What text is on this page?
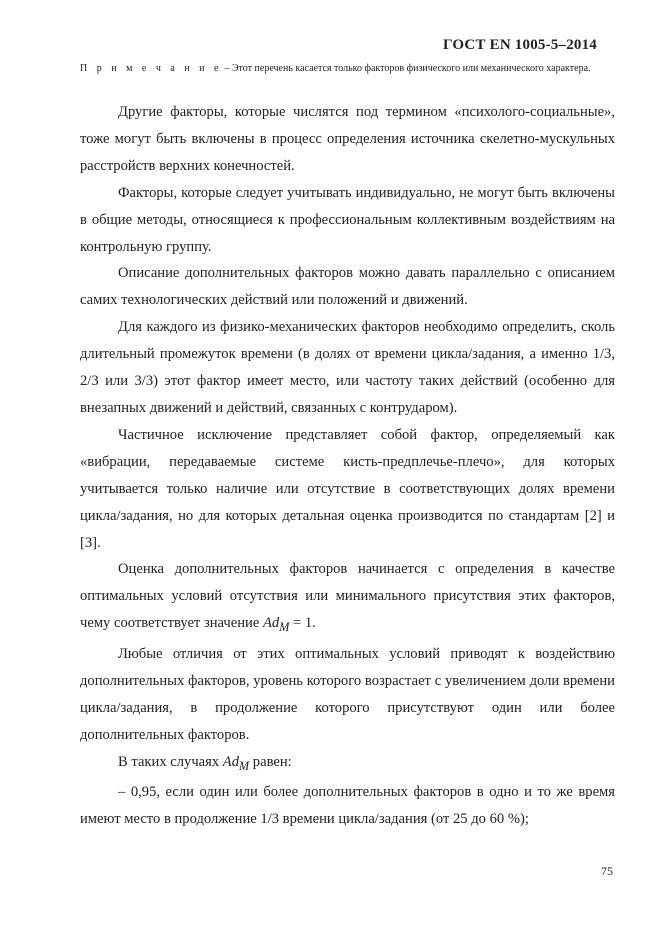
ГОСТ EN 1005-5–2014
П р и м е ч а н и е – Этот перечень касается только факторов физического или механического характера.

Другие факторы, которые числятся под термином «психолого-социальные», тоже могут быть включены в процесс определения источника скелетно-мускульных расстройств верхних конечностей.

Факторы, которые следует учитывать индивидуально, не могут быть включены в общие методы, относящиеся к профессиональным коллективным воздействиям на контрольную группу.

Описание дополнительных факторов можно давать параллельно с описанием самих технологических действий или положений и движений.

Для каждого из физико-механических факторов необходимо определить, сколь длительный промежуток времени (в долях от времени цикла/задания, а именно 1/3, 2/3 или 3/3) этот фактор имеет место, или частоту таких действий (особенно для внезапных движений и действий, связанных с контрударом).

Частичное исключение представляет собой фактор, определяемый как «вибрации, передаваемые системе кисть-предплечье-плечо», для которых учитывается только наличие или отсутствие в соответствующих долях времени цикла/задания, но для которых детальная оценка производится по стандартам [2] и [3].

Оценка дополнительных факторов начинается с определения в качестве оптимальных условий отсутствия или минимального присутствия этих факторов, чему соответствует значение $Ad_M = 1$.

Любые отличия от этих оптимальных условий приводят к воздействию дополнительных факторов, уровень которого возрастает с увеличением доли времени цикла/задания, в продолжение которого присутствуют один или более дополнительных факторов.

В таких случаях $Ad_M$ равен:

– 0,95, если один или более дополнительных факторов в одно и то же время имеют место в продолжение 1/3 времени цикла/задания (от 25 до 60 %);

75
